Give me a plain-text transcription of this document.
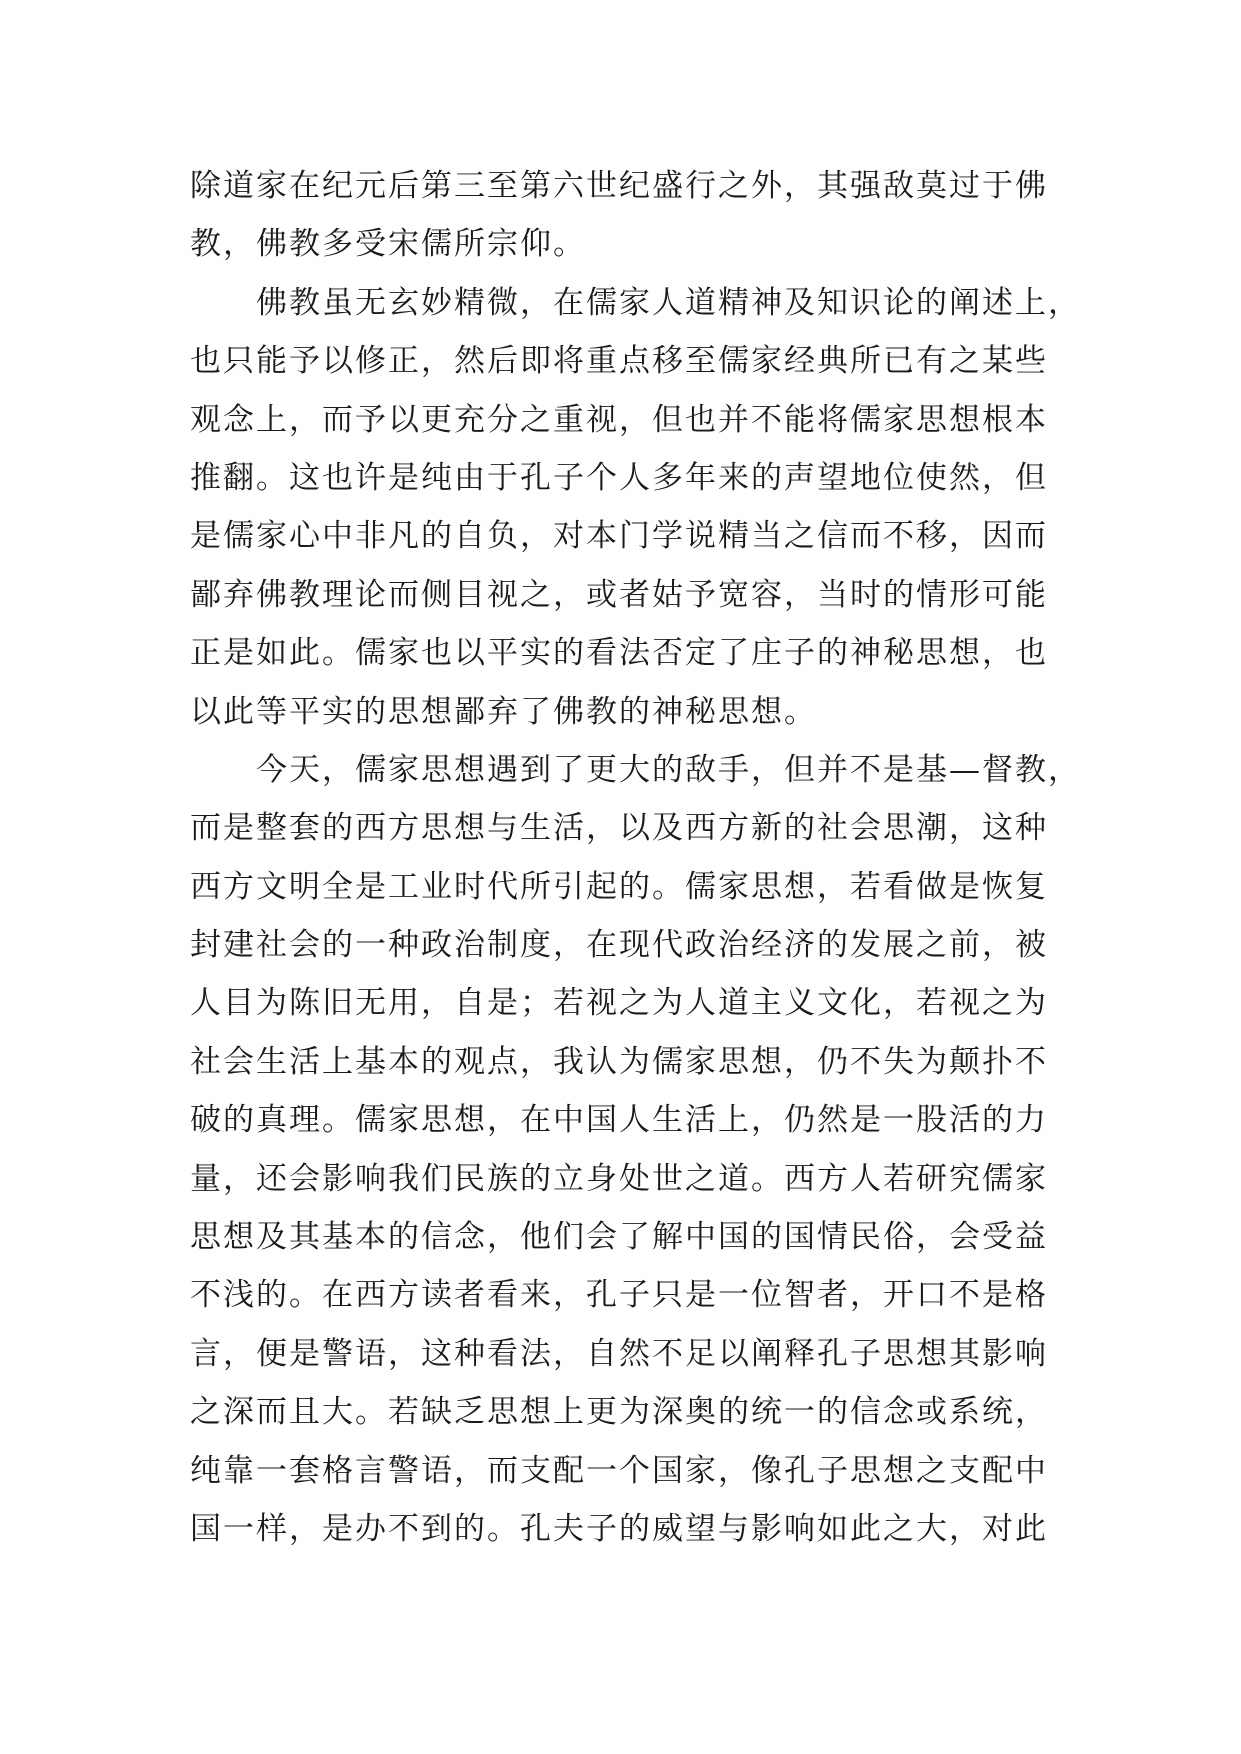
除道家在纪元后第三至第六世纪盛行之外，其强敌莫过于佛
教，佛教多受宋儒所宗仰。
佛教虽无玄妙精微，在儒家人道精神及知识论的阐述上，
也只能予以修正，然后即将重点移至儒家经典所已有之某些
观念上，而予以更充分之重视，但也并不能将儒家思想根本
推翻。这也许是纯由于孔子个人多年来的声望地位使然，但
是儒家心中非凡的自负，对本门学说精当之信而不移，因而
鄙弃佛教理论而侧目视之，或者姑予宽容，当时的情形可能
正是如此。儒家也以平实的看法否定了庄子的神秘思想，也
以此等平实的思想鄙弃了佛教的神秘思想。
今天，儒家思想遇到了更大的敌手，但并不是基—督教，
而是整套的西方思想与生活，以及西方新的社会思潮，这种
西方文明全是工业时代所引起的。儒家思想，若看做是恢复
封建社会的一种政治制度，在现代政治经济的发展之前，被
人目为陈旧无用，自是；若视之为人道主义文化，若视之为
社会生活上基本的观点，我认为儒家思想，仍不失为颠扑不
破的真理。儒家思想，在中国人生活上，仍然是一股活的力
量，还会影响我们民族的立身处世之道。西方人若研究儒家
思想及其基本的信念，他们会了解中国的国情民俗，会受益
不浅的。在西方读者看来，孔子只是一位智者，开口不是格
言，便是警语，这种看法，自然不足以阐释孔子思想其影响
之深而且大。若缺乏思想上更为深奥的统一的信念或系统，
纯靠一套格言警语，而支配一个国家，像孔子思想之支配中
国一样，是办不到的。孔夫子的威望与影响如此之大，对此
